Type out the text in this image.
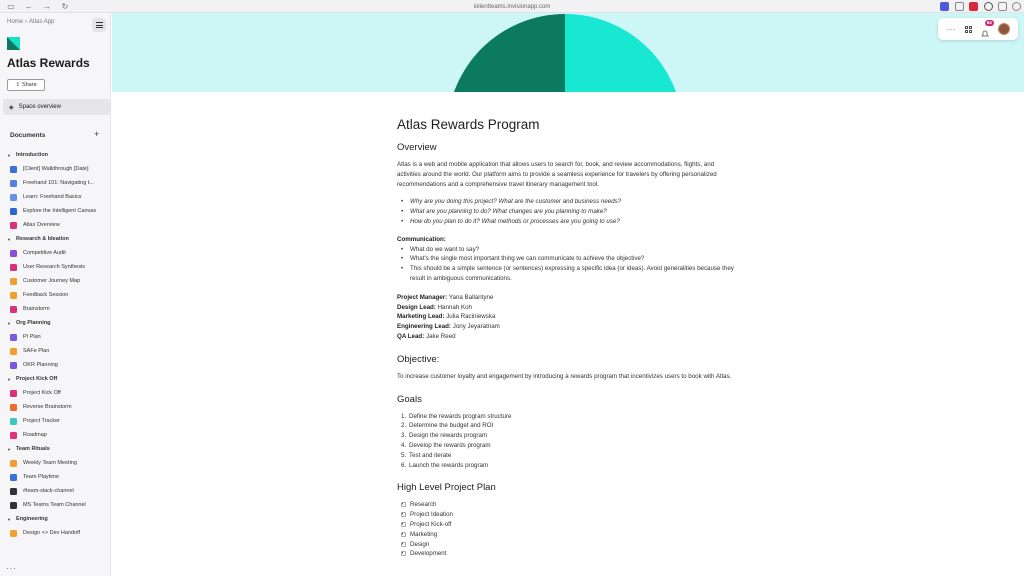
▭	←	→	↻	iolientteams.invisionapp.com
Home › Atlas App
Atlas Rewards
⇪ Share
◈ Space overview
Documents	+
▼ Introduction
[Client] Walkthrough [Date]
Freehand 101: Navigating t...
Learn: Freehand Basics
Explore the Intelligent Canvas
Atlas Overview
▼ Research & Ideation
Competitive Audit
User Research Synthesis
Customer Journey Map
Feedback Session
Brainstorm
▼ Org Planning
PI Plan
SAFe Plan
OKR Planning
▼ Project Kick Off
Project Kick Off
Reverse Brainstorm
Project Tracker
Roadmap
▼ Team Rituals
Weekly Team Meeting
Team Playtime
#team-slack-channel
MS Teams Team Channel
▼ Engineering
Design <> Dev Handoff
···
···
64
Atlas Rewards Program
Overview

Atlas is a web and mobile application that allows users to search for, book, and review accommodations, flights, and activities around the world. Our platform aims to provide a seamless experience for travelers by offering personalized recommendations and a comprehensive travel itinerary management tool.

• Why are you doing this project? What are the customer and business needs?
• What are you planning to do? What changes are you planning to make?
• How do you plan to do it? What methods or processes are you going to use?
Communication:
• What do we want to say?
• What's the single most important thing we can communicate to achieve the objective?
• This should be a simple sentence (or sentences) expressing a specific idea (or ideas). Avoid generalities because they result in ambiguous communications.
Project Manager: Yana Ballantyne
Design Lead: Hannah Koh
Marketing Lead: Julia Raciniewska
Engineering Lead: Jony Jeyaratnam
QA Lead: Jake Reed
Objective:

To increase customer loyalty and engagement by introducing a rewards program that incentivizes users to book with Atlas.

Goals
1. Define the rewards program structure
2. Determine the budget and ROI
3. Design the rewards program
4. Develop the rewards program
5. Test and iterate
6. Launch the rewards program
High Level Project Plan
• Research
• Project Ideation
• Project Kick-off
• Marketing
• Design
• Development
